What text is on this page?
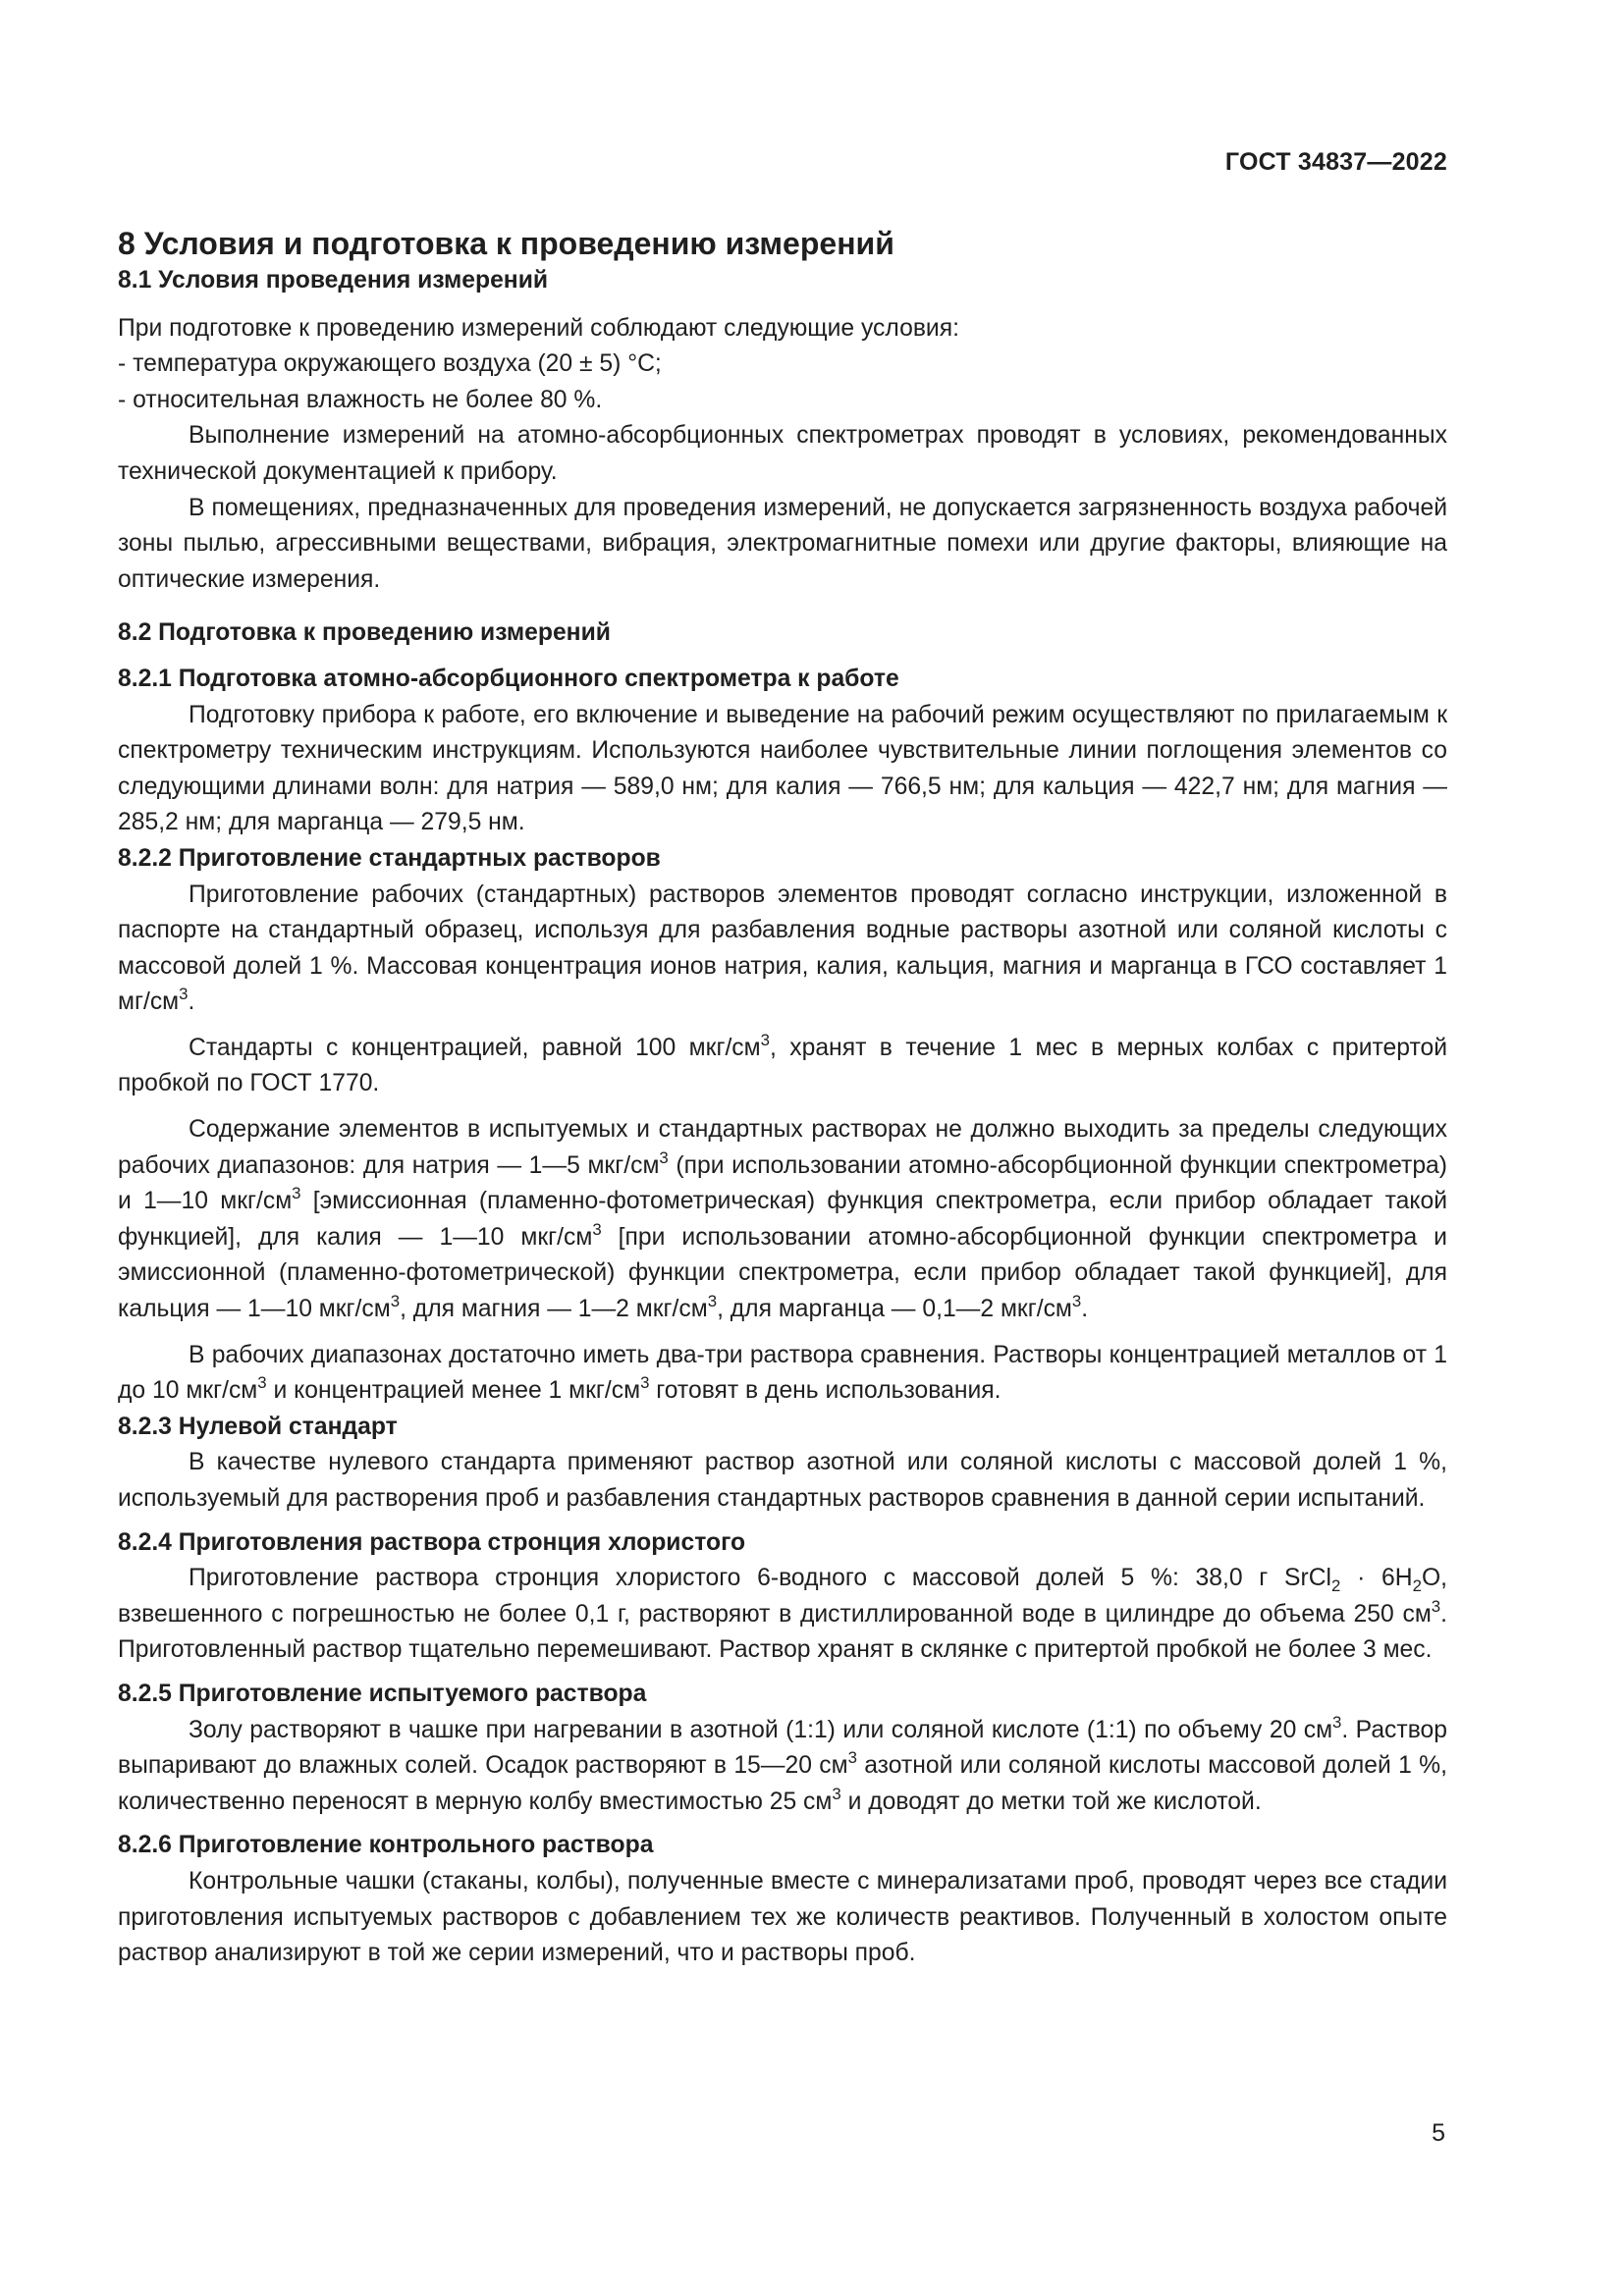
ГОСТ 34837—2022

8 Условия и подготовка к проведению измерений

8.1 Условия проведения измерений

При подготовке к проведению измерений соблюдают следующие условия:

- температура окружающего воздуха (20 ± 5) °С;

- относительная влажность не более 80 %.

Выполнение измерений на атомно-абсорбционных спектрометрах проводят в условиях, рекомендованных технической документацией к прибору.

В помещениях, предназначенных для проведения измерений, не допускается загрязненность воздуха рабочей зоны пылью, агрессивными веществами, вибрация, электромагнитные помехи или другие факторы, влияющие на оптические измерения.

8.2 Подготовка к проведению измерений

8.2.1 Подготовка атомно-абсорбционного спектрометра к работе

Подготовку прибора к работе, его включение и выведение на рабочий режим осуществляют по прилагаемым к спектрометру техническим инструкциям. Используются наиболее чувствительные линии поглощения элементов со следующими длинами волн: для натрия — 589,0 нм; для калия — 766,5 нм; для кальция — 422,7 нм; для магния — 285,2 нм; для марганца — 279,5 нм.

8.2.2 Приготовление стандартных растворов

Приготовление рабочих (стандартных) растворов элементов проводят согласно инструкции, изложенной в паспорте на стандартный образец, используя для разбавления водные растворы азотной или соляной кислоты с массовой долей 1 %. Массовая концентрация ионов натрия, калия, кальция, магния и марганца в ГСО составляет 1 $мг/см^3$.

Стандарты с концентрацией, равной 100 мкг/$см^3$, хранят в течение 1 мес в мерных колбах с притертой пробкой по ГОСТ 1770.

Содержание элементов в испытуемых и стандартных растворах не должно выходить за пределы следующих рабочих диапазонов: для натрия — 1—5 мкг/$см^3$ (при использовании атомно-абсорбционной функции спектрометра) и 1—10 мкг/$см^3$ [эмиссионная (пламенно-фотометрическая) функция спектрометра, если прибор обладает такой функцией], для калия — 1—10 мкг/$см^3$ [при использовании атомно-абсорбционной функции спектрометра и эмиссионной (пламенно-фотометрической) функции спектрометра, если прибор обладает такой функцией], для кальция — 1—10 мкг/$см^3$, для магния — 1—2 мкг/$см^3$, для марганца — 0,1—2 мкг/$см^3$.

В рабочих диапазонах достаточно иметь два-три раствора сравнения. Растворы концентрацией металлов от 1 до 10 мкг/$см^3$ и концентрацией менее 1 мкг/$см^3$ готовят в день использования.

8.2.3 Нулевой стандарт

В качестве нулевого стандарта применяют раствор азотной или соляной кислоты с массовой долей 1 %, используемый для растворения проб и разбавления стандартных растворов сравнения в данной серии испытаний.

8.2.4 Приготовления раствора стронция хлористого

Приготовление раствора стронция хлористого 6-водного с массовой долей 5 %: 38,0 г SrCl$_2$ · $6H_2O$, взвешенного с погрешностью не более 0,1 г, растворяют в дистиллированной воде в цилиндре до объема 250 $см^3$. Приготовленный раствор тщательно перемешивают. Раствор хранят в склянке с притертой пробкой не более 3 мес.

8.2.5 Приготовление испытуемого раствора

Золу растворяют в чашке при нагревании в азотной (1:1) или соляной кислоте (1:1) по объему 20 $см^3$. Раствор выпаривают до влажных солей. Осадок растворяют в 15—20 $см^3$ азотной или соляной кислоты массовой долей 1 %, количественно переносят в мерную колбу вместимостью 25 $см^3$ и доводят до метки той же кислотой.

8.2.6 Приготовление контрольного раствора

Контрольные чашки (стаканы, колбы), полученные вместе с минерализатами проб, проводят через все стадии приготовления испытуемых растворов с добавлением тех же количеств реактивов. Полученный в холостом опыте раствор анализируют в той же серии измерений, что и растворы проб.

5
